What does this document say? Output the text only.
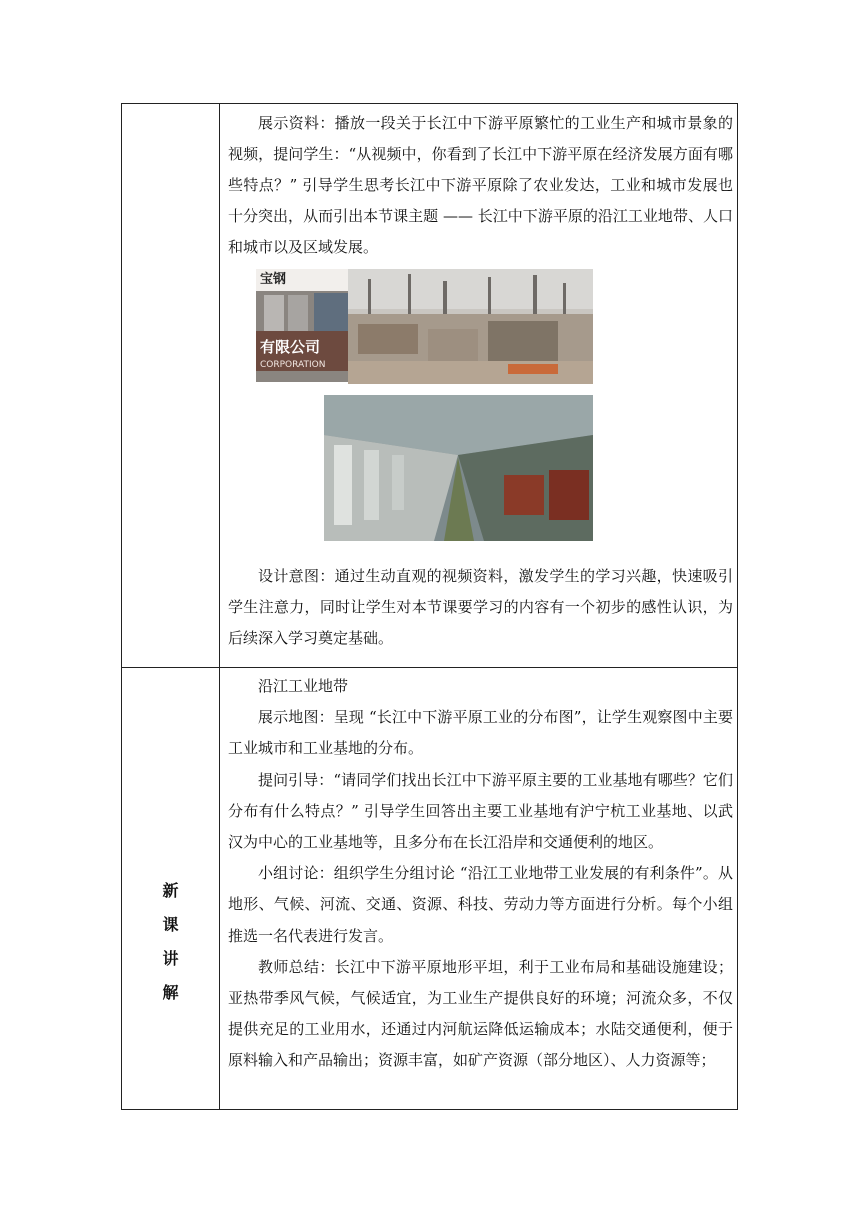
展示资料：播放一段关于长江中下游平原繁忙的工业生产和城市景象的视频，提问学生：“从视频中，你看到了长江中下游平原在经济发展方面有哪些特点？” 引导学生思考长江中下游平原除了农业发达，工业和城市发展也十分突出，从而引出本节课主题 —— 长江中下游平原的沿江工业地带、人口和城市以及区域发展。

宝钢
有限公司
CORPORATION

设计意图：通过生动直观的视频资料，激发学生的学习兴趣，快速吸引学生注意力，同时让学生对本节课要学习的内容有一个初步的感性认识，为后续深入学习奠定基础。

新
课
讲
解

沿江工业地带

展示地图：呈现 “长江中下游平原工业的分布图”，让学生观察图中主要工业城市和工业基地的分布。

提问引导：“请同学们找出长江中下游平原主要的工业基地有哪些？它们分布有什么特点？” 引导学生回答出主要工业基地有沪宁杭工业基地、以武汉为中心的工业基地等，且多分布在长江沿岸和交通便利的地区。

小组讨论：组织学生分组讨论 “沿江工业地带工业发展的有利条件”。从地形、气候、河流、交通、资源、科技、劳动力等方面进行分析。每个小组推选一名代表进行发言。

教师总结：长江中下游平原地形平坦，利于工业布局和基础设施建设；亚热带季风气候，气候适宜，为工业生产提供良好的环境；河流众多，不仅提供充足的工业用水，还通过内河航运降低运输成本；水陆交通便利，便于原料输入和产品输出；资源丰富，如矿产资源（部分地区）、人力资源等；
